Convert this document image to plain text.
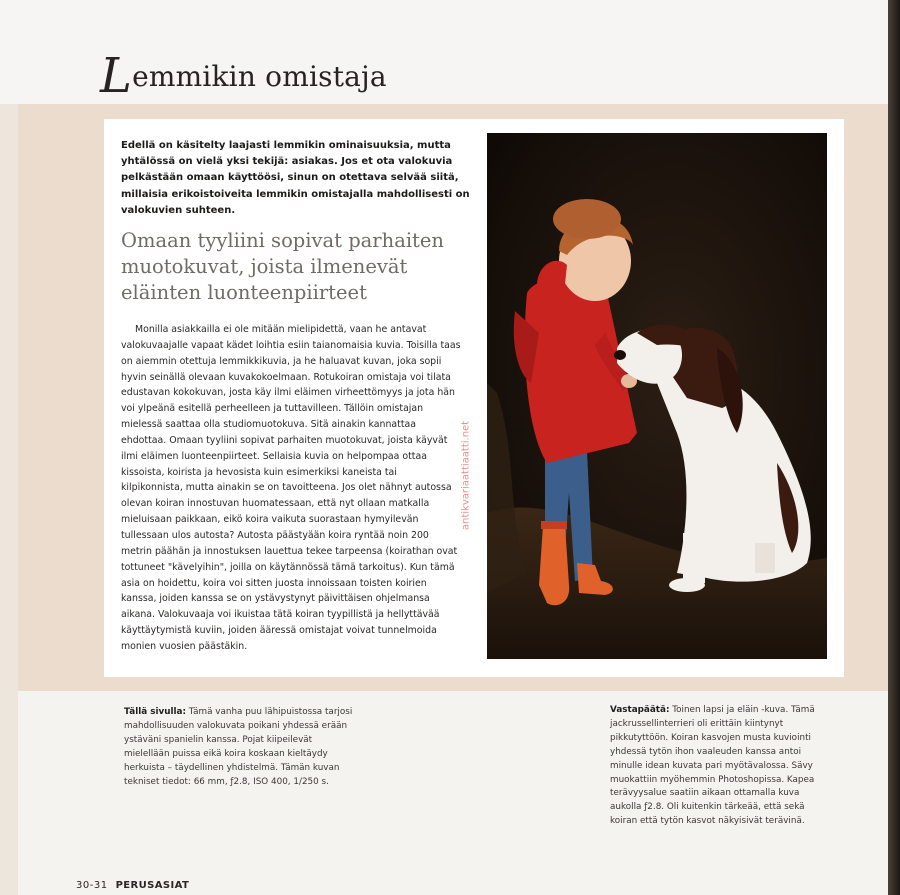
Lemmikin omistaja
Edellä on käsitelty laajasti lemmikin ominaisuuksia, mutta yhtälössä on vielä yksi tekijä: asiakas. Jos et ota valokuvia pelkästään omaan käyttöösi, sinun on otettava selvää siitä, millaisia erikoistoiveita lemmikin omistajalla mahdollisesti on valokuvien suhteen.
Omaan tyyliini sopivat parhaiten muotokuvat, joista ilmenevät eläinten luonteenpiirteet
Monilla asiakkailla ei ole mitään mielipidettä, vaan he antavat valokuvaajalle vapaat kädet loihtia esiin taianomaisia kuvia. Toisilla taas on aiemmin otettuja lemmikkikuvia, ja he haluavat kuvan, joka sopii hyvin seinällä olevaan kuvakokoelmaan. Rotukoiran omistaja voi tilata edustavan kokokuvan, josta käy ilmi eläimen virheettömyys ja jota hän voi ylpeänä esitellä perheelleen ja tuttavilleen. Tällöin omistajan mielessä saattaa olla studiomuotokuva. Sitä ainakin kannattaa ehdottaa. Omaan tyyliini sopivat parhaiten muotokuvat, joista käyvät ilmi eläimen luonteenpiirteet. Sellaisia kuvia on helpompaa ottaa kissoista, koirista ja hevosista kuin esimerkiksi kaneista tai kilpikonnista, mutta ainakin se on tavoitteena. Jos olet nähnyt autossa olevan koiran innostuvan huomatessaan, että nyt ollaan matkalla mieluisaan paikkaan, eikö koira vaikuta suorastaan hymyilevän tullessaan ulos autosta? Autosta päästyään koira ryntää noin 200 metrin päähän ja innostuksen lauettua tekee tarpeensa (koirathan ovat tottuneet "kävelyihin", joilla on käytännössä tämä tarkoitus). Kun tämä asia on hoidettu, koira voi sitten juosta innoissaan toisten koirien kanssa, joiden kanssa se on ystävystynyt päivittäisen ohjelmansa aikana. Valokuvaaja voi ikuistaa tätä koiran tyypillistä ja hellyttävää käyttäytymistä kuviin, joiden ääressä omistajat voivat tunnelmoida monien vuosien päästäkin.
antikvariaattiaatti.net
Tällä sivulla: Tämä vanha puu lähipuistossa tarjosi mahdollisuuden valokuvata poikani yhdessä erään ystäväni spanielin kanssa. Pojat kiipeilevät mielellään puissa eikä koira koskaan kieltäydy herkuista – täydellinen yhdistelmä. Tämän kuvan tekniset tiedot: 66 mm, ƒ2.8, ISO 400, 1/250 s.
Vastapäätä: Toinen lapsi ja eläin -kuva. Tämä jackrussellinterrieri oli erittäin kiintynyt pikkutyttöön. Koiran kasvojen musta kuviointi yhdessä tytön ihon vaaleuden kanssa antoi minulle idean kuvata pari myötävalossa. Sävy muokattiin myöhemmin Photoshopissa. Kapea terävyysalue saatiin aikaan ottamalla kuva aukolla ƒ2.8. Oli kuitenkin tärkeää, että sekä koiran että tytön kasvot näkyisivät terävinä.
30-31 PERUSASIAT
